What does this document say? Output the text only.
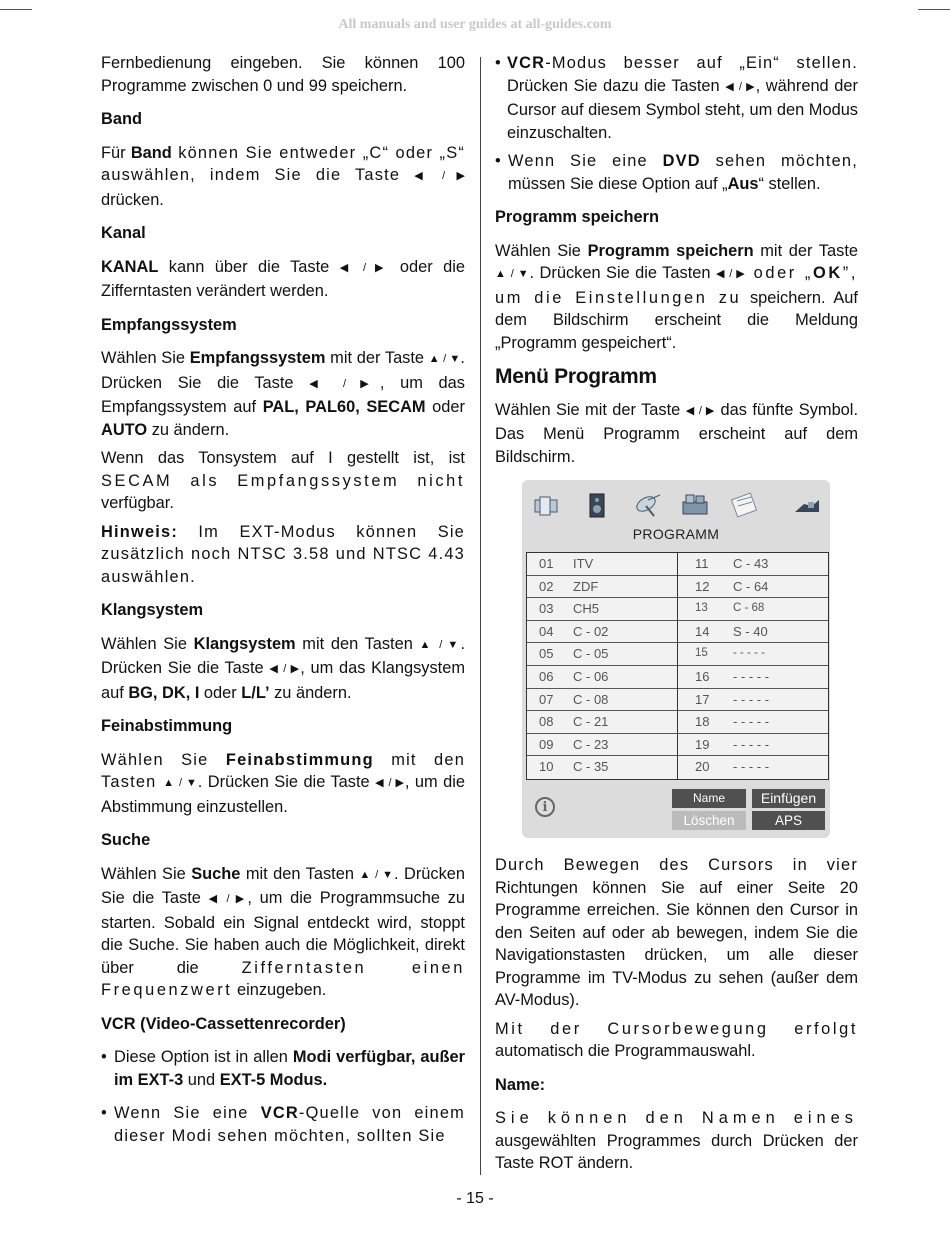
All manuals and user guides at all-guides.com

Fernbedienung eingeben. Sie können 100 Programme zwischen 0 und 99 speichern.

Band

Für Band können Sie entweder „C“ oder „S“ auswählen, indem Sie die Taste ◀ / ▶ drücken.

Kanal

KANAL kann über die Taste ◀ / ▶ oder die Zifferntasten verändert werden.

Empfangssystem

Wählen Sie Empfangssystem mit der Taste ▲ / ▼. Drücken Sie die Taste ◀ / ▶, um das Empfangssystem auf PAL, PAL60, SECAM oder AUTO zu ändern.

Wenn das Tonsystem auf I gestellt ist, ist SECAM als Empfangssystem nicht verfügbar.

Hinweis: Im EXT-Modus können Sie zusätzlich noch NTSC 3.58 und NTSC 4.43 auswählen.

Klangsystem

Wählen Sie Klangsystem mit den Tasten ▲ / ▼. Drücken Sie die Taste ◀ / ▶, um das Klangsystem auf BG, DK, I oder L/L’ zu ändern.

Feinabstimmung

Wählen Sie Feinabstimmung mit den Tasten ▲ / ▼. Drücken Sie die Taste ◀ / ▶, um die Abstimmung einzustellen.

Suche

Wählen Sie Suche mit den Tasten ▲ / ▼. Drücken Sie die Taste ◀ / ▶, um die Programmsuche zu starten. Sobald ein Signal entdeckt wird, stoppt die Suche. Sie haben auch die Möglichkeit, direkt über die Zifferntasten einen Frequenzwert einzugeben.

VCR (Video-Cassettenrecorder)

• Diese Option ist in allen Modi verfügbar, außer im EXT-3 und EXT-5 Modus.

• Wenn Sie eine VCR-Quelle von einem dieser Modi sehen möchten, sollten Sie

• VCR-Modus besser auf „Ein“ stellen. Drücken Sie dazu die Tasten ◀ / ▶, während der Cursor auf diesem Symbol steht, um den Modus einzuschalten.

• Wenn Sie eine DVD sehen möchten, müssen Sie diese Option auf „Aus“ stellen.

Programm speichern

Wählen Sie Programm speichern mit der Taste ▲ / ▼. Drücken Sie die Tasten ◀ / ▶ oder „OK”, um die Einstellungen zu speichern. Auf dem Bildschirm erscheint die Meldung „Programm gespeichert“.

Menü Programm

Wählen Sie mit der Taste ◀ / ▶ das fünfte Symbol. Das Menü Programm erscheint auf dem Bildschirm.

PROGRAMM
01 ITV
02 ZDF
03 CH5
04 C - 02
05 C - 05
06 C - 06
07 C - 08
08 C - 21
09 C - 23
10 C - 35
11 C - 43
12 C - 64
13 C - 68
14 S - 40
15 - - - - -
16 - - - - -
17 - - - - -
18 - - - - -
19 - - - - -
20 - - - - -
i
Name	Einfügen
Löschen	APS

Durch Bewegen des Cursors in vier Richtungen können Sie auf einer Seite 20 Programme erreichen. Sie können den Cursor in den Seiten auf oder ab bewegen, indem Sie die Navigationstasten drücken, um alle dieser Programme im TV-Modus zu sehen (außer dem AV-Modus).

Mit der Cursorbewegung erfolgt automatisch die Programmauswahl.

Name:

Sie können den Namen eines ausgewählten Programmes durch Drücken der Taste ROT ändern.

- 15 -
